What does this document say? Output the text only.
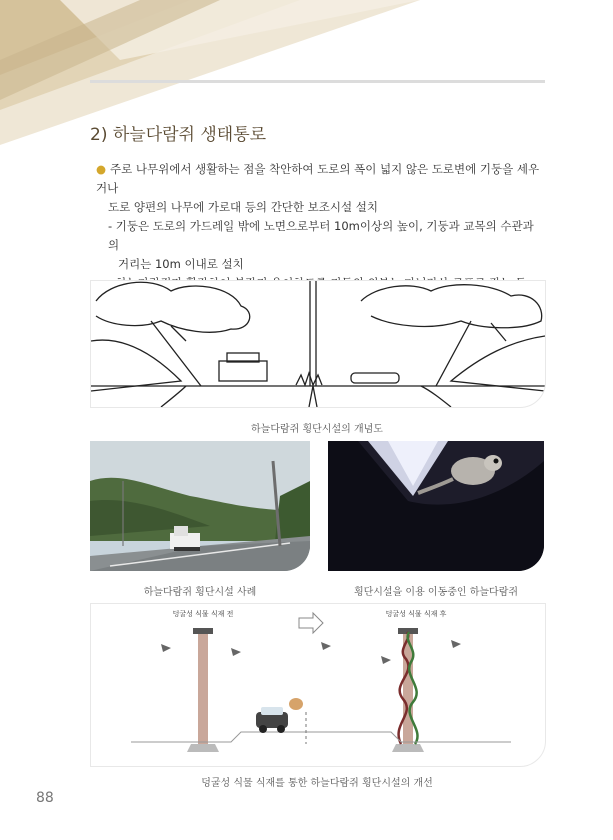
2) 하늘다람쥐 생태통로

● 주로 나무위에서 생활하는 점을 착안하여 도로의 폭이 넓지 않은 도로변에 기둥을 세우거나

도로 양편의 나무에 가로대 등의 간단한 보조시설 설치

- 기둥은 도로의 가드레일 밖에 노면으로부터 10m이상의 높이, 기둥과 교목의 수관과의

거리는 10m 이내로 설치

하늘다람쥐 횡단시설의 개념도
하늘다람쥐 횡단시설 사례	횡단시설을 이용 이동중인 하늘다람쥐
덩굴성 식물 식재 전	덩굴성 식물 식재 후
덩굴성 식물 식재를 통한 하늘다람쥐 횡단시설의 개선
88
